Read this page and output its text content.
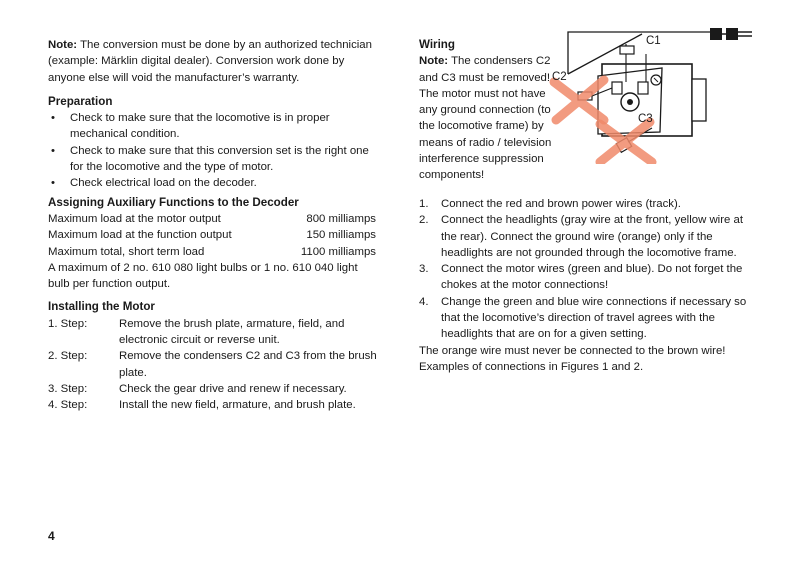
Note: The conversion must be done by an authorized technician (example: Märklin digital dealer). Conversion work done by anyone else will void the manufacturer’s warranty.

Preparation
• Check to make sure that the locomotive is in proper mechanical condition.
• Check to make sure that this conversion set is the right one for the locomotive and the type of motor.
• Check electrical load on the decoder.
Assigning Auxiliary Functions to the Decoder
Maximum load at the motor output	800 milliamps
Maximum load at the function output	150 milliamps
Maximum total, short term load	1100 milliamps

A maximum of 2 no. 610 080 light bulbs or 1 no. 610 040 light bulb per function output.

Installing the Motor
1. Step:	Remove the brush plate, armature, field, and electronic circuit or reverse unit.
2. Step:	Remove the condensers C2 and C3 from the brush plate.
3. Step:	Check the gear drive and renew if necessary.
4. Step:	Install the new field, armature, and brush plate.
Wiring

Note: The condensers C2 and C3 must be removed! The motor must not have any ground connection (to the locomotive frame) by means of radio / television interference suppression components!

C1
C2
C3
1.	Connect the red and brown power wires (track).
2.	Connect the headlights (gray wire at the front, yellow wire at the rear). Connect the ground wire (orange) only if the headlights are not grounded through the locomotive frame.
3.	Connect the motor wires (green and blue). Do not forget the chokes at the motor connections!
4.	Change the green and blue wire connections if necessary so that the locomotive’s direction of travel agrees with the headlights that are on for a given setting.

The orange wire must never be connected to the brown wire!

Examples of connections in Figures 1 and 2.

4
